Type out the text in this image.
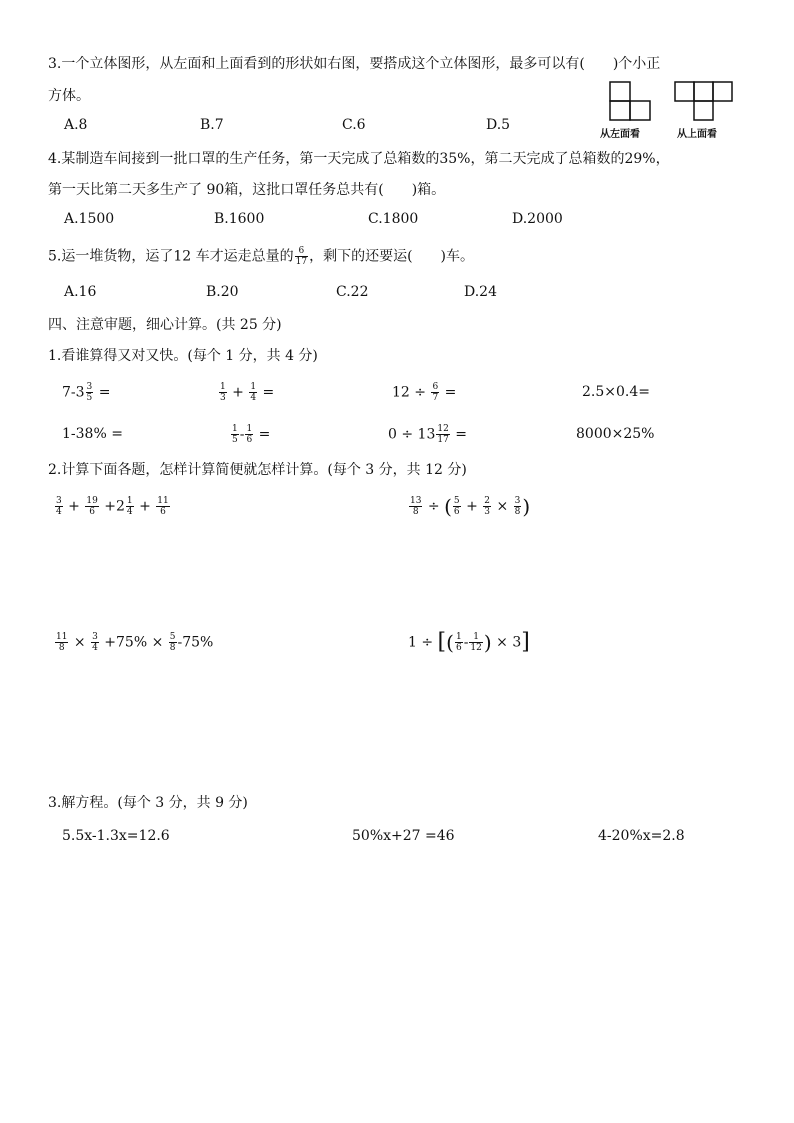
3.一个立体图形，从左面和上面看到的形状如右图，要搭成这个立体图形，最多可以有(　　)个小正
方体。
A.8	B.7	C.6	D.5
从左面看	从上面看
4.某制造车间接到一批口罩的生产任务，第一天完成了总箱数的35%，第二天完成了总箱数的29%，
第一天比第二天多生产了 90箱，这批口罩任务总共有(　　)箱。
A.1500	B.1600	C.1800	D.2000
5.运一堆货物，运了12 车才运走总量的 $\frac{6}{17}$ ，剩下的还要运(　　)车。
A.16	B.20	C.22	D.24
四、注意审题，细心计算。(共 25 分)
1.看谁算得又对又快。(每个 1 分，共 4 分)
$7-3 \frac{3}{5}$ =	$\frac{1}{3} + \frac{1}{4}$ =	$12 \div \frac{6}{7}$ =	2.5×0.4=
1-38% =	$\frac{1}{5} - \frac{1}{6}$ =	$0 \div 13 \frac{12}{17}$ =	8000×25%
2.计算下面各题，怎样计算简便就怎样计算。(每个 3 分，共 12 分)
$\frac{3}{4} + \frac{19}{6} +2 \frac{1}{4} + \frac{11}{6}$	$\frac{13}{8}$ ÷ ( $\frac{5}{6} + \frac{2}{3} \times \frac{3}{8}$ )
$\frac{11}{8} \times \frac{3}{4} +75\% \times \frac{5}{8} -75\%$	1 ÷ [( $\frac{1}{6} - \frac{1}{12}$ ) × 3]
3.解方程。(每个 3 分，共 9 分)
5.5x-1.3x=12.6	50%x+27 =46	4-20%x=2.8
